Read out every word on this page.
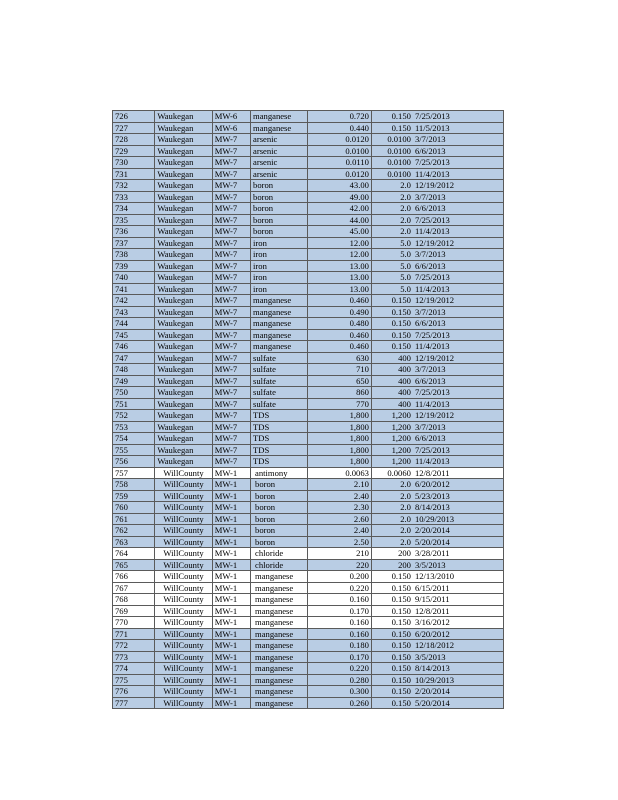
726	Waukegan	MW-6	manganese	0.720	0.150 7/25/2013
727	Waukegan	MW-6	manganese	0.440	0.150 11/5/2013
728	Waukegan	MW-7	arsenic	0.0120	0.0100 3/7/2013
729	Waukegan	MW-7	arsenic	0.0100	0.0100 6/6/2013
730	Waukegan	MW-7	arsenic	0.0110	0.0100 7/25/2013
731	Waukegan	MW-7	arsenic	0.0120	0.0100 11/4/2013
732	Waukegan	MW-7	boron	43.00	2.0 12/19/2012
733	Waukegan	MW-7	boron	49.00	2.0 3/7/2013
734	Waukegan	MW-7	boron	42.00	2.0 6/6/2013
735	Waukegan	MW-7	boron	44.00	2.0 7/25/2013
736	Waukegan	MW-7	boron	45.00	2.0 11/4/2013
737	Waukegan	MW-7	iron	12.00	5.0 12/19/2012
738	Waukegan	MW-7	iron	12.00	5.0 3/7/2013
739	Waukegan	MW-7	iron	13.00	5.0 6/6/2013
740	Waukegan	MW-7	iron	13.00	5.0 7/25/2013
741	Waukegan	MW-7	iron	13.00	5.0 11/4/2013
742	Waukegan	MW-7	manganese	0.460	0.150 12/19/2012
743	Waukegan	MW-7	manganese	0.490	0.150 3/7/2013
744	Waukegan	MW-7	manganese	0.480	0.150 6/6/2013
745	Waukegan	MW-7	manganese	0.460	0.150 7/25/2013
746	Waukegan	MW-7	manganese	0.460	0.150 11/4/2013
747	Waukegan	MW-7	sulfate	630	400 12/19/2012
748	Waukegan	MW-7	sulfate	710	400 3/7/2013
749	Waukegan	MW-7	sulfate	650	400 6/6/2013
750	Waukegan	MW-7	sulfate	860	400 7/25/2013
751	Waukegan	MW-7	sulfate	770	400 11/4/2013
752	Waukegan	MW-7	TDS	1,800	1,200 12/19/2012
753	Waukegan	MW-7	TDS	1,800	1,200 3/7/2013
754	Waukegan	MW-7	TDS	1,800	1,200 6/6/2013
755	Waukegan	MW-7	TDS	1,800	1,200 7/25/2013
756	Waukegan	MW-7	TDS	1,800	1,200 11/4/2013
757	WillCounty	MW-1	antimony	0.0063	0.0060 12/8/2011
758	WillCounty	MW-1	boron	2.10	2.0 6/20/2012
759	WillCounty	MW-1	boron	2.40	2.0 5/23/2013
760	WillCounty	MW-1	boron	2.30	2.0 8/14/2013
761	WillCounty	MW-1	boron	2.60	2.0 10/29/2013
762	WillCounty	MW-1	boron	2.40	2.0 2/20/2014
763	WillCounty	MW-1	boron	2.50	2.0 5/20/2014
764	WillCounty	MW-1	chloride	210	200 3/28/2011
765	WillCounty	MW-1	chloride	220	200 3/5/2013
766	WillCounty	MW-1	manganese	0.200	0.150 12/13/2010
767	WillCounty	MW-1	manganese	0.220	0.150 6/15/2011
768	WillCounty	MW-1	manganese	0.160	0.150 9/15/2011
769	WillCounty	MW-1	manganese	0.170	0.150 12/8/2011
770	WillCounty	MW-1	manganese	0.160	0.150 3/16/2012
771	WillCounty	MW-1	manganese	0.160	0.150 6/20/2012
772	WillCounty	MW-1	manganese	0.180	0.150 12/18/2012
773	WillCounty	MW-1	manganese	0.170	0.150 3/5/2013
774	WillCounty	MW-1	manganese	0.220	0.150 8/14/2013
775	WillCounty	MW-1	manganese	0.280	0.150 10/29/2013
776	WillCounty	MW-1	manganese	0.300	0.150 2/20/2014
777	WillCounty	MW-1	manganese	0.260	0.150 5/20/2014
